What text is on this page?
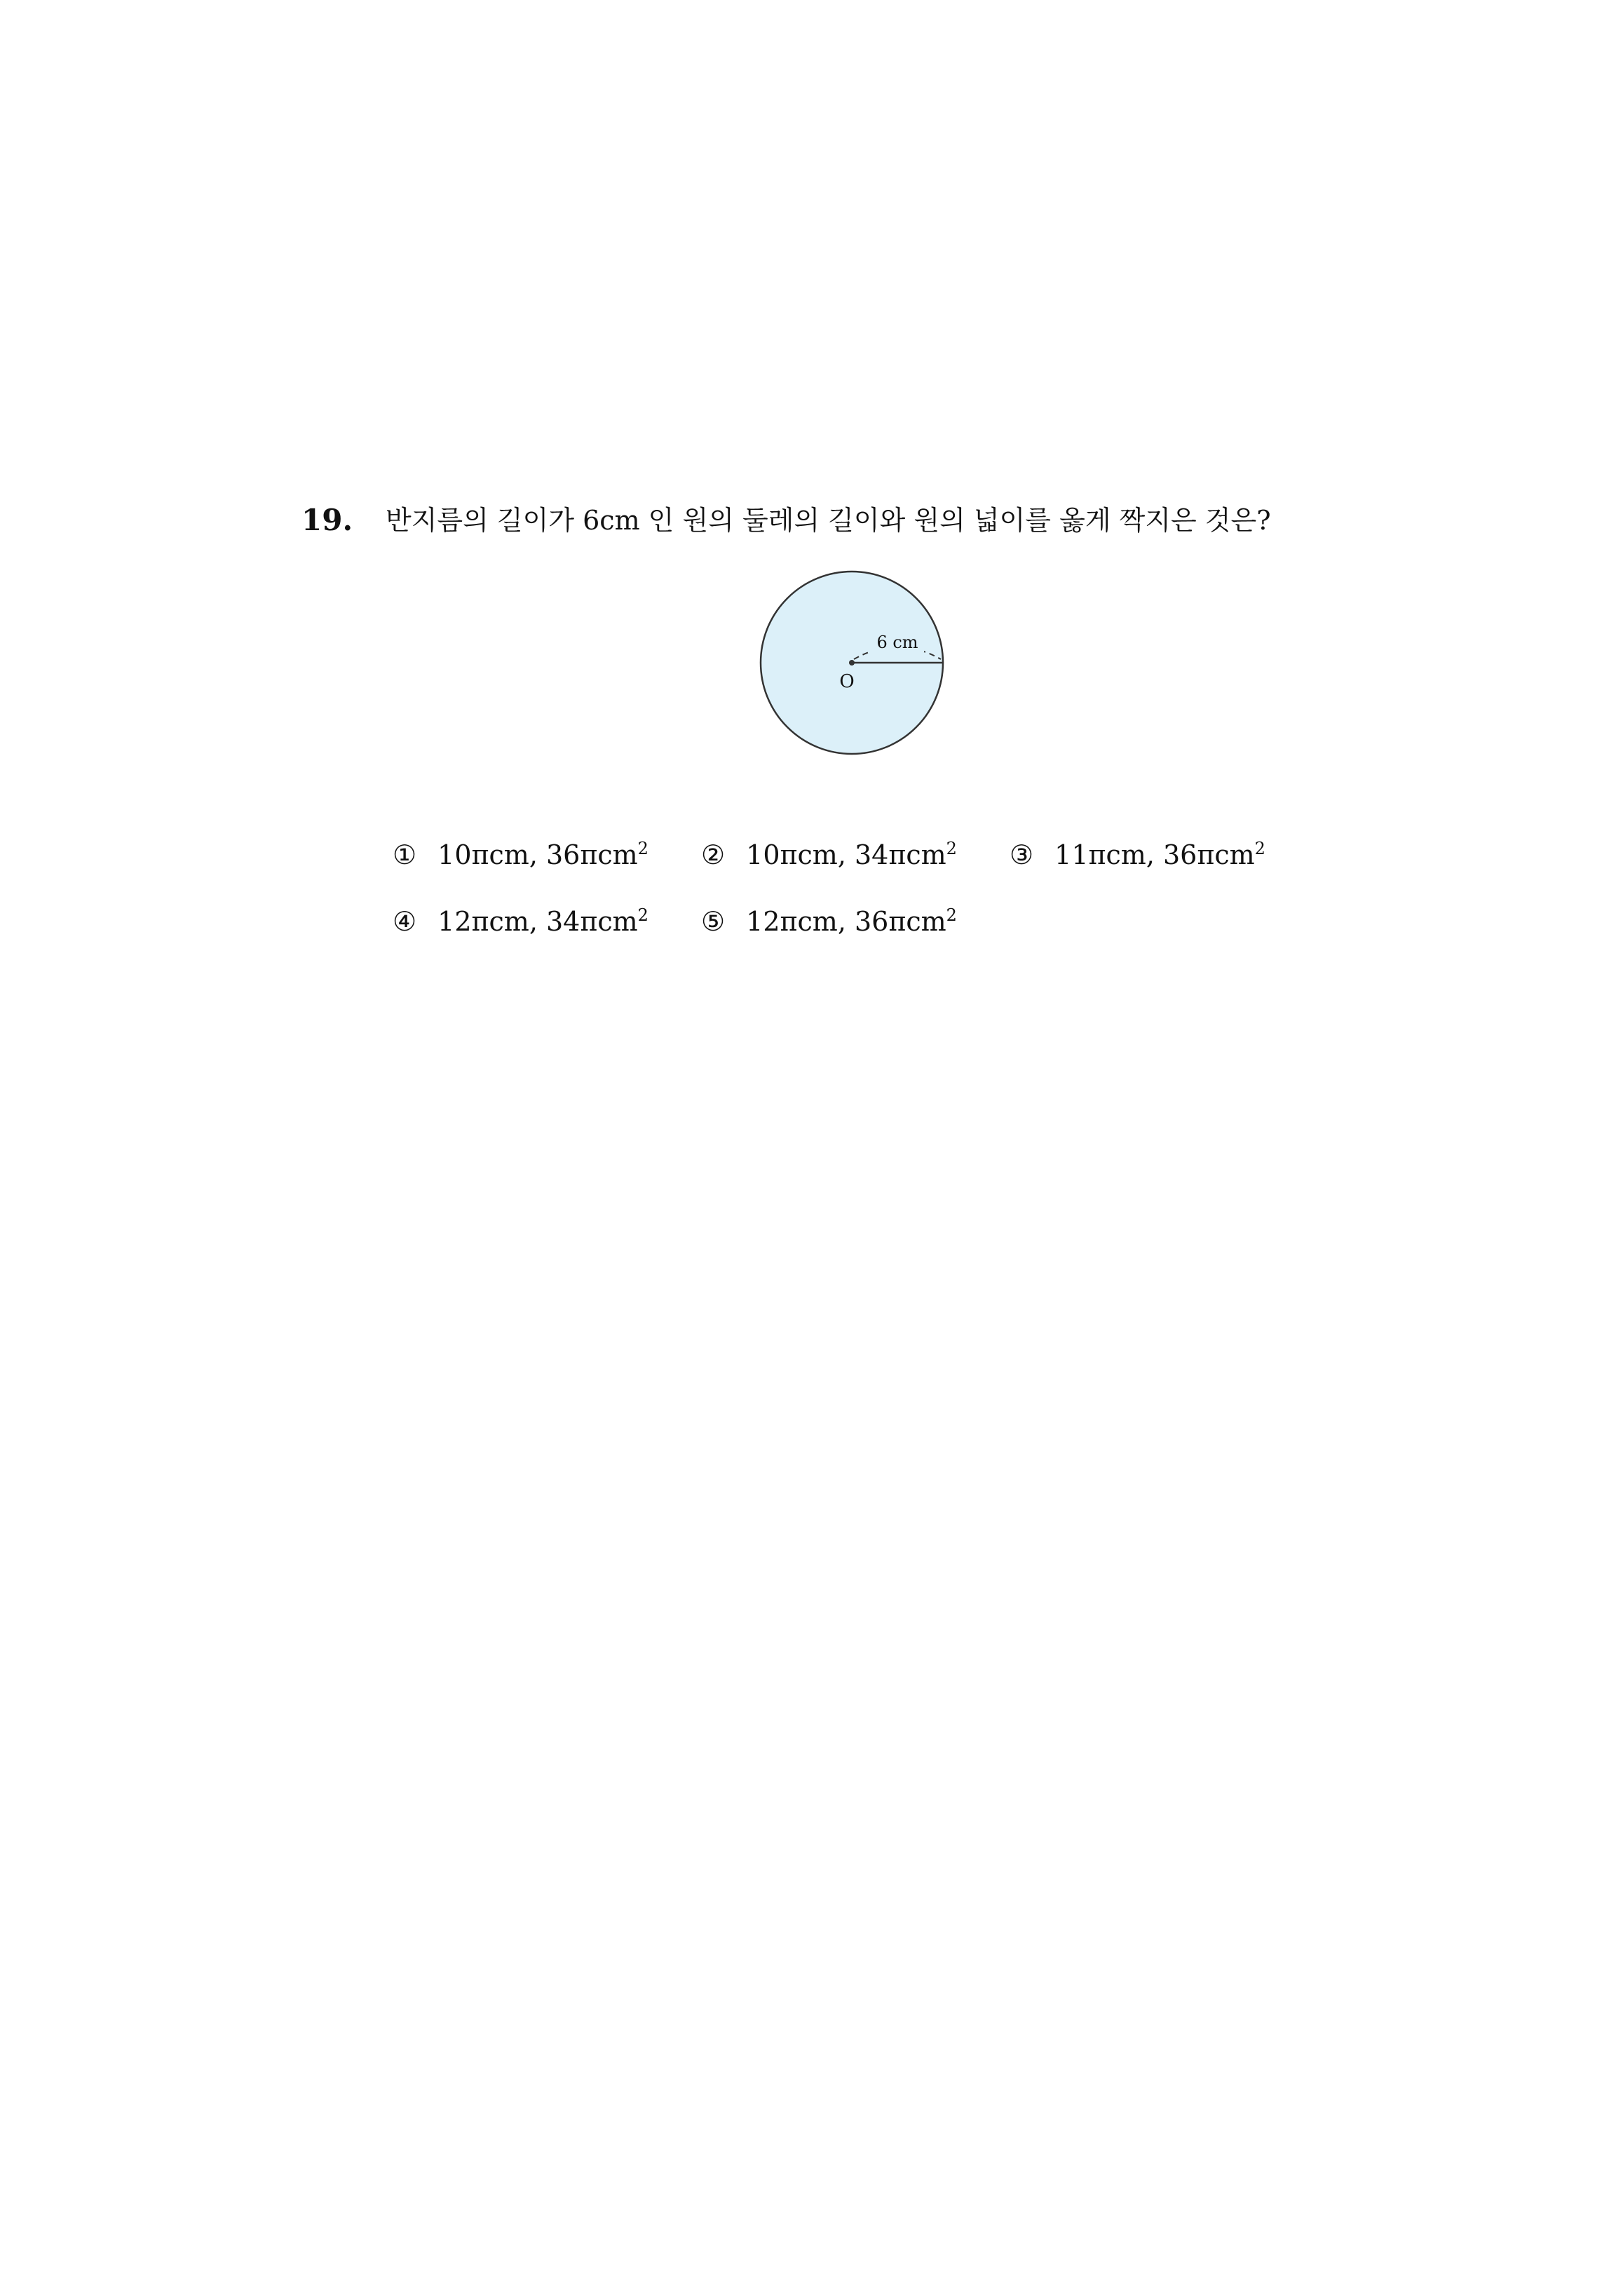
19. 반지름의 길이가 6cm 인 원의 둘레의 길이와 원의 넓이를 옳게 짝지은 것은?
6 cm
O
① 10πcm, 36πcm$^2$ ② 10πcm, 34πcm$^2$ ③ 11πcm, 36πcm$^2$
④ 12πcm, 34πcm$^2$ ⑤ 12πcm, 36πcm$^2$
